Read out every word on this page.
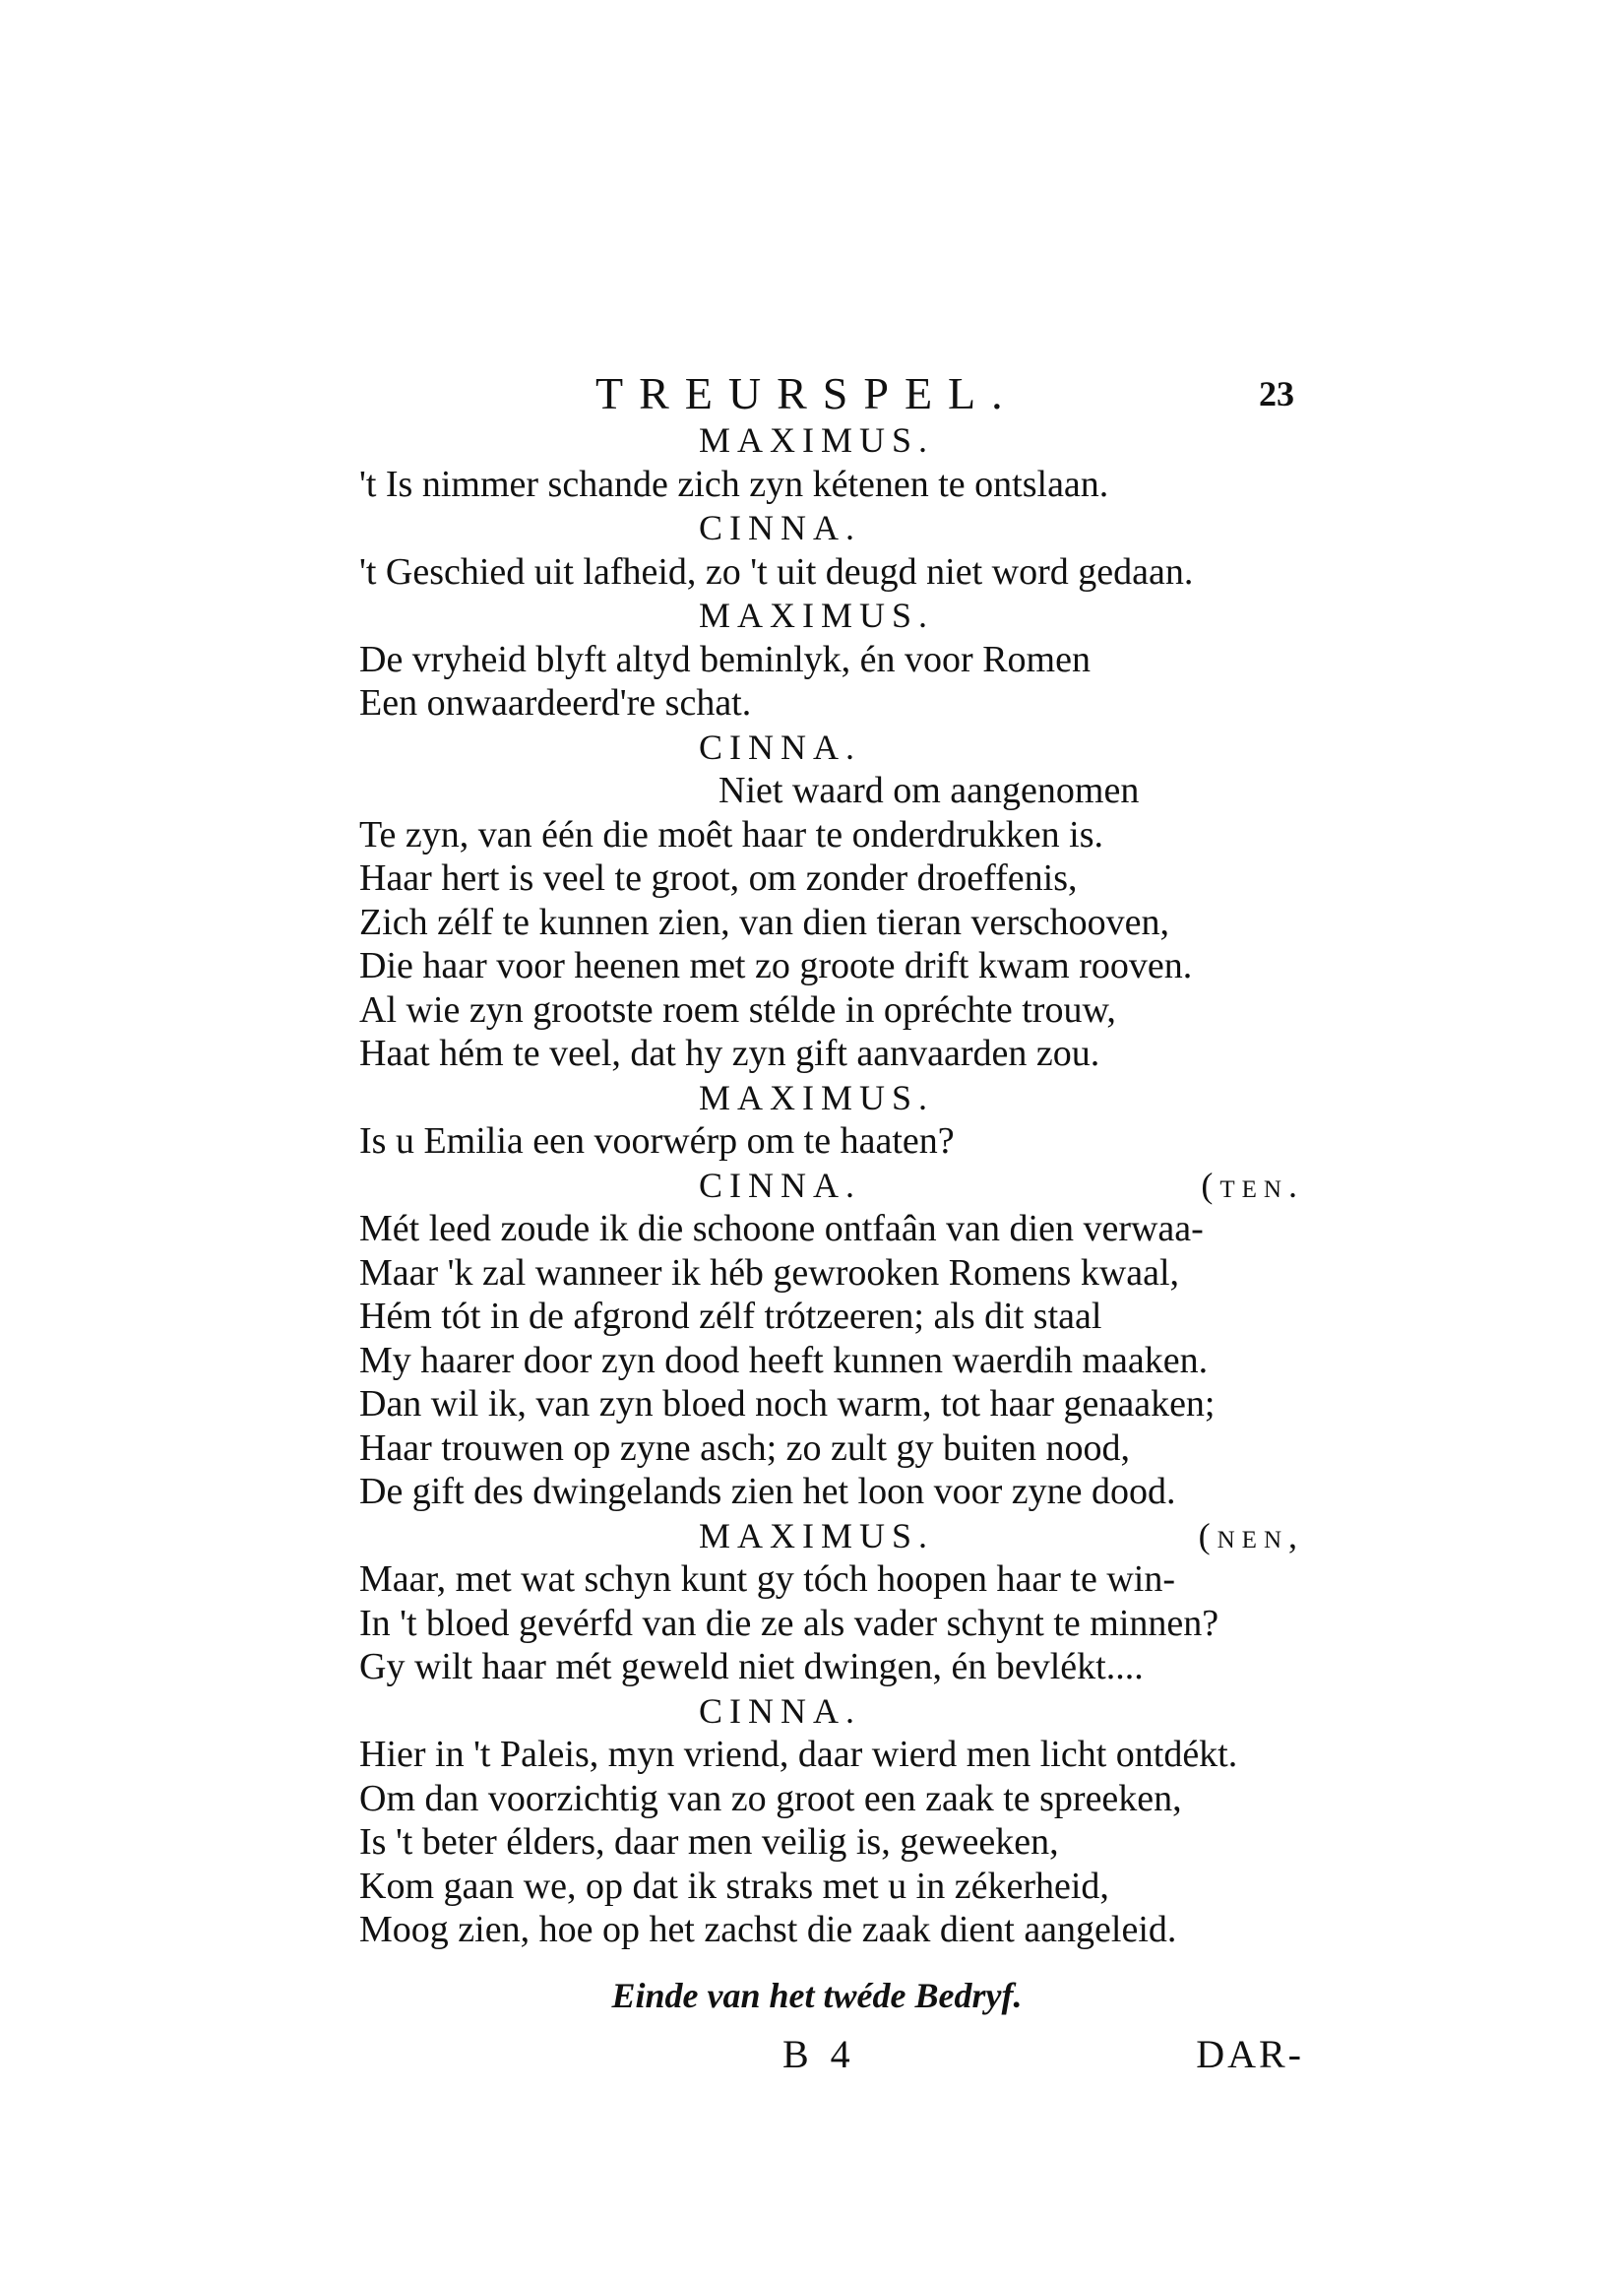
TREURSPEL.	23
MAXIMUS.
't Is nimmer schande zich zyn kétenen te ontslaan.
CINNA.
't Geschied uit lafheid, zo 't uit deugd niet word gedaan.
MAXIMUS.
De vryheid blyft altyd beminlyk, én voor Romen
Een onwaardeerd're schat.
CINNA.
Niet waard om aangenomen
Te zyn, van één die moêt haar te onderdrukken is.
Haar hert is veel te groot, om zonder droeffenis,
Zich zélf te kunnen zien, van dien tieran verschooven,
Die haar voor heenen met zo groote drift kwam rooven.
Al wie zyn grootste roem stélde in opréchte trouw,
Haat hém te veel, dat hy zyn gift aanvaarden zou.
MAXIMUS.
Is u Emilia een voorwérp om te haaten?
CINNA.	(ten.
Mét leed zoude ik die schoone ontfaân van dien verwaa-
Maar 'k zal wanneer ik héb gewrooken Romens kwaal,
Hém tót in de afgrond zélf trótzeeren; als dit staal
My haarer door zyn dood heeft kunnen waerdih maaken.
Dan wil ik, van zyn bloed noch warm, tot haar genaaken;
Haar trouwen op zyne asch; zo zult gy buiten nood,
De gift des dwingelands zien het loon voor zyne dood.
MAXIMUS.	(nen,
Maar, met wat schyn kunt gy tóch hoopen haar te win-
In 't bloed gevérfd van die ze als vader schynt te minnen?
Gy wilt haar mét geweld niet dwingen, én bevlékt....
CINNA.
Hier in 't Paleis, myn vriend, daar wierd men licht ontdékt.
Om dan voorzichtig van zo groot een zaak te spreeken,
Is 't beter élders, daar men veilig is, geweeken,
Kom gaan we, op dat ik straks met u in zékerheid,
Moog zien, hoe op het zachst die zaak dient aangeleid.
Einde van het twéde Bedryf.
B 4	DAR-
